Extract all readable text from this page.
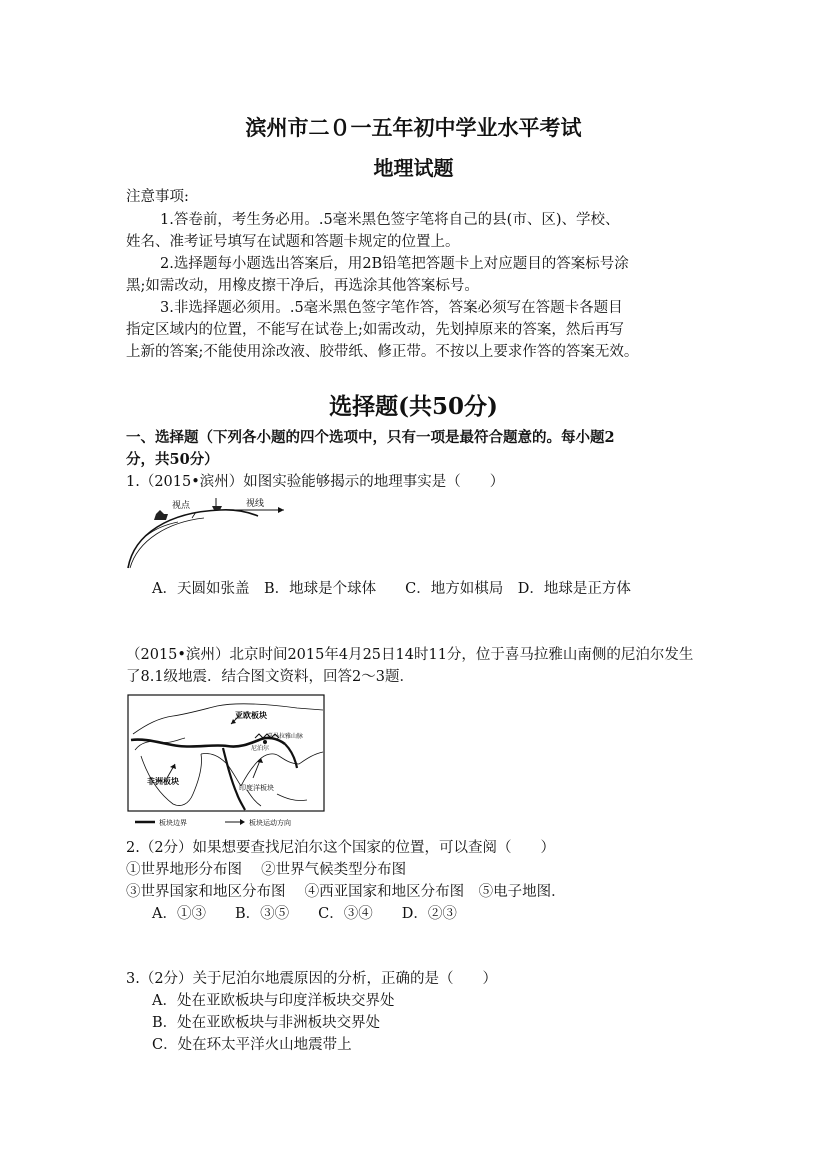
滨州市二０一五年初中学业水平考试
地理试题
注意事项:
1.答卷前，考生务必用。.5毫米黑色签字笔将自己的县(市、区)、学校、
姓名、准考证号填写在试题和答题卡规定的位置上。
2.选择题每小题选出答案后，用2B铅笔把答题卡上对应题目的答案标号涂
黑;如需改动，用橡皮擦干净后，再选涂其他答案标号。
3.非选择题必须用。.5毫米黑色签字笔作答，答案必须写在答题卡各题目
指定区域内的位置，不能写在试卷上;如需改动，先划掉原来的答案，然后再写
上新的答案;不能使用涂改液、胶带纸、修正带。不按以上要求作答的答案无效。
选择题(共50分)
一、选择题（下列各小题的四个选项中，只有一项是最符合题意的。每小题2
分，共50分）
1.（2015•滨州）如图实验能够揭示的地理事实是（　　）
视点	视线
A．天圆如张盖　B．地球是个球体　　C．地方如棋局　D．地球是正方体
（2015•滨州）北京时间2015年4月25日14时11分，位于喜马拉雅山南侧的尼泊尔发生
了8.1级地震．结合图文资料，回答2～3题．
亚欧板块
非洲板块
印度洋板块
喜马拉雅山脉
尼泊尔
板块边界	板块运动方向
2.（2分）如果想要查找尼泊尔这个国家的位置，可以查阅（　　）
①世界地形分布图　 ②世界气候类型分布图
③世界国家和地区分布图　 ④西亚国家和地区分布图　⑤电子地图．
A．①③　　B．③⑤　　C．③④　　D．②③
3.（2分）关于尼泊尔地震原因的分析，正确的是（　　）
A．处在亚欧板块与印度洋板块交界处
B．处在亚欧板块与非洲板块交界处
C．处在环太平洋火山地震带上
